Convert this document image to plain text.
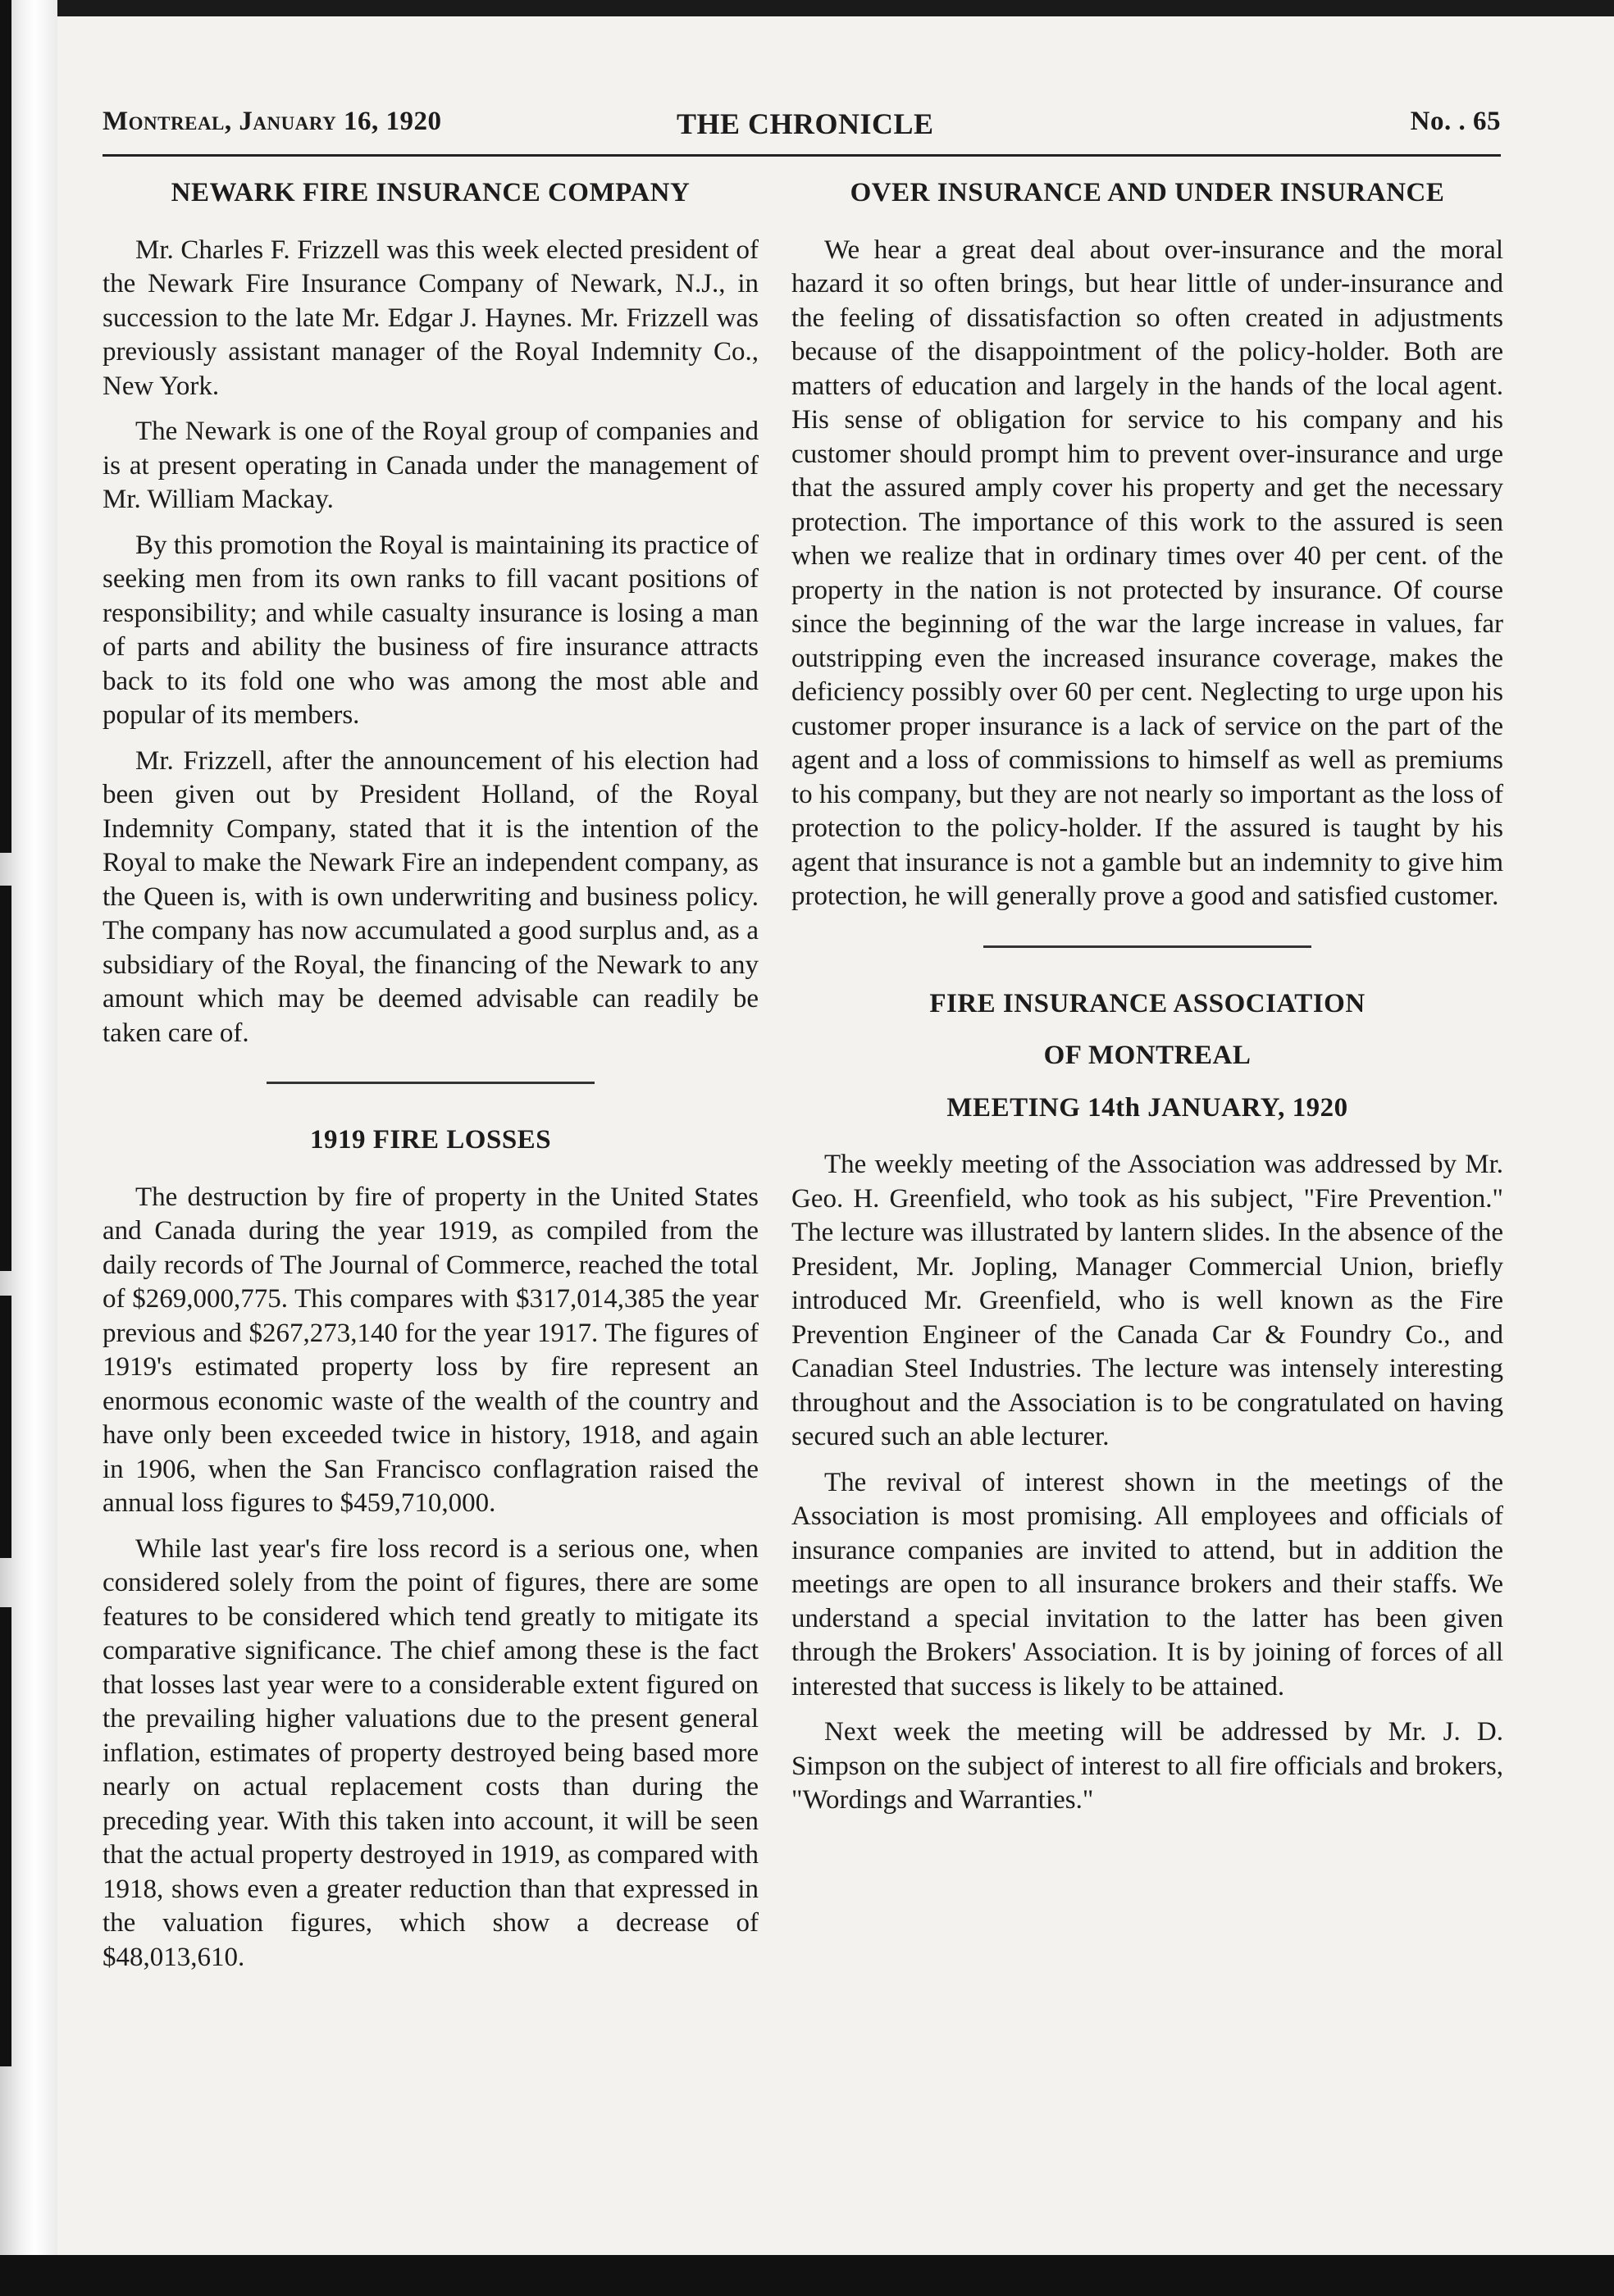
Montreal, January 16, 1920	THE CHRONICLE	No. . 65
NEWARK FIRE INSURANCE COMPANY

Mr. Charles F. Frizzell was this week elected president of the Newark Fire Insurance Company of Newark, N.J., in succession to the late Mr. Edgar J. Haynes. Mr. Frizzell was previously assistant manager of the Royal Indemnity Co., New York.

The Newark is one of the Royal group of companies and is at present operating in Canada under the management of Mr. William Mackay.

By this promotion the Royal is maintaining its practice of seeking men from its own ranks to fill vacant positions of responsibility; and while casualty insurance is losing a man of parts and ability the business of fire insurance attracts back to its fold one who was among the most able and popular of its members.

Mr. Frizzell, after the announcement of his election had been given out by President Holland, of the Royal Indemnity Company, stated that it is the intention of the Royal to make the Newark Fire an independent company, as the Queen is, with is own underwriting and business policy. The company has now accumulated a good surplus and, as a subsidiary of the Royal, the financing of the Newark to any amount which may be deemed advisable can readily be taken care of.

1919 FIRE LOSSES

The destruction by fire of property in the United States and Canada during the year 1919, as compiled from the daily records of The Journal of Commerce, reached the total of $269,000,775. This compares with $317,014,385 the year previous and $267,273,140 for the year 1917. The figures of 1919's estimated property loss by fire represent an enormous economic waste of the wealth of the country and have only been exceeded twice in history, 1918, and again in 1906, when the San Francisco conflagration raised the annual loss figures to $459,710,000.

While last year's fire loss record is a serious one, when considered solely from the point of figures, there are some features to be considered which tend greatly to mitigate its comparative significance. The chief among these is the fact that losses last year were to a considerable extent figured on the prevailing higher valuations due to the present general inflation, estimates of property destroyed being based more nearly on actual replacement costs than during the preceding year. With this taken into account, it will be seen that the actual property destroyed in 1919, as compared with 1918, shows even a greater reduction than that expressed in the valuation figures, which show a decrease of $48,013,610.

OVER INSURANCE AND UNDER INSURANCE

We hear a great deal about over-insurance and the moral hazard it so often brings, but hear little of under-insurance and the feeling of dissatisfaction so often created in adjustments because of the disappointment of the policy-holder. Both are matters of education and largely in the hands of the local agent. His sense of obligation for service to his company and his customer should prompt him to prevent over-insurance and urge that the assured amply cover his property and get the necessary protection. The importance of this work to the assured is seen when we realize that in ordinary times over 40 per cent. of the property in the nation is not protected by insurance. Of course since the beginning of the war the large increase in values, far outstripping even the increased insurance coverage, makes the deficiency possibly over 60 per cent. Neglecting to urge upon his customer proper insurance is a lack of service on the part of the agent and a loss of commissions to himself as well as premiums to his company, but they are not nearly so important as the loss of protection to the policy-holder. If the assured is taught by his agent that insurance is not a gamble but an indemnity to give him protection, he will generally prove a good and satisfied customer.

FIRE INSURANCE ASSOCIATION
OF MONTREAL
MEETING 14th JANUARY, 1920

The weekly meeting of the Association was addressed by Mr. Geo. H. Greenfield, who took as his subject, "Fire Prevention." The lecture was illustrated by lantern slides. In the absence of the President, Mr. Jopling, Manager Commercial Union, briefly introduced Mr. Greenfield, who is well known as the Fire Prevention Engineer of the Canada Car & Foundry Co., and Canadian Steel Industries. The lecture was intensely interesting throughout and the Association is to be congratulated on having secured such an able lecturer.

The revival of interest shown in the meetings of the Association is most promising. All employees and officials of insurance companies are invited to attend, but in addition the meetings are open to all insurance brokers and their staffs. We understand a special invitation to the latter has been given through the Brokers' Association. It is by joining of forces of all interested that success is likely to be attained.

Next week the meeting will be addressed by Mr. J. D. Simpson on the subject of interest to all fire officials and brokers, "Wordings and Warranties."
